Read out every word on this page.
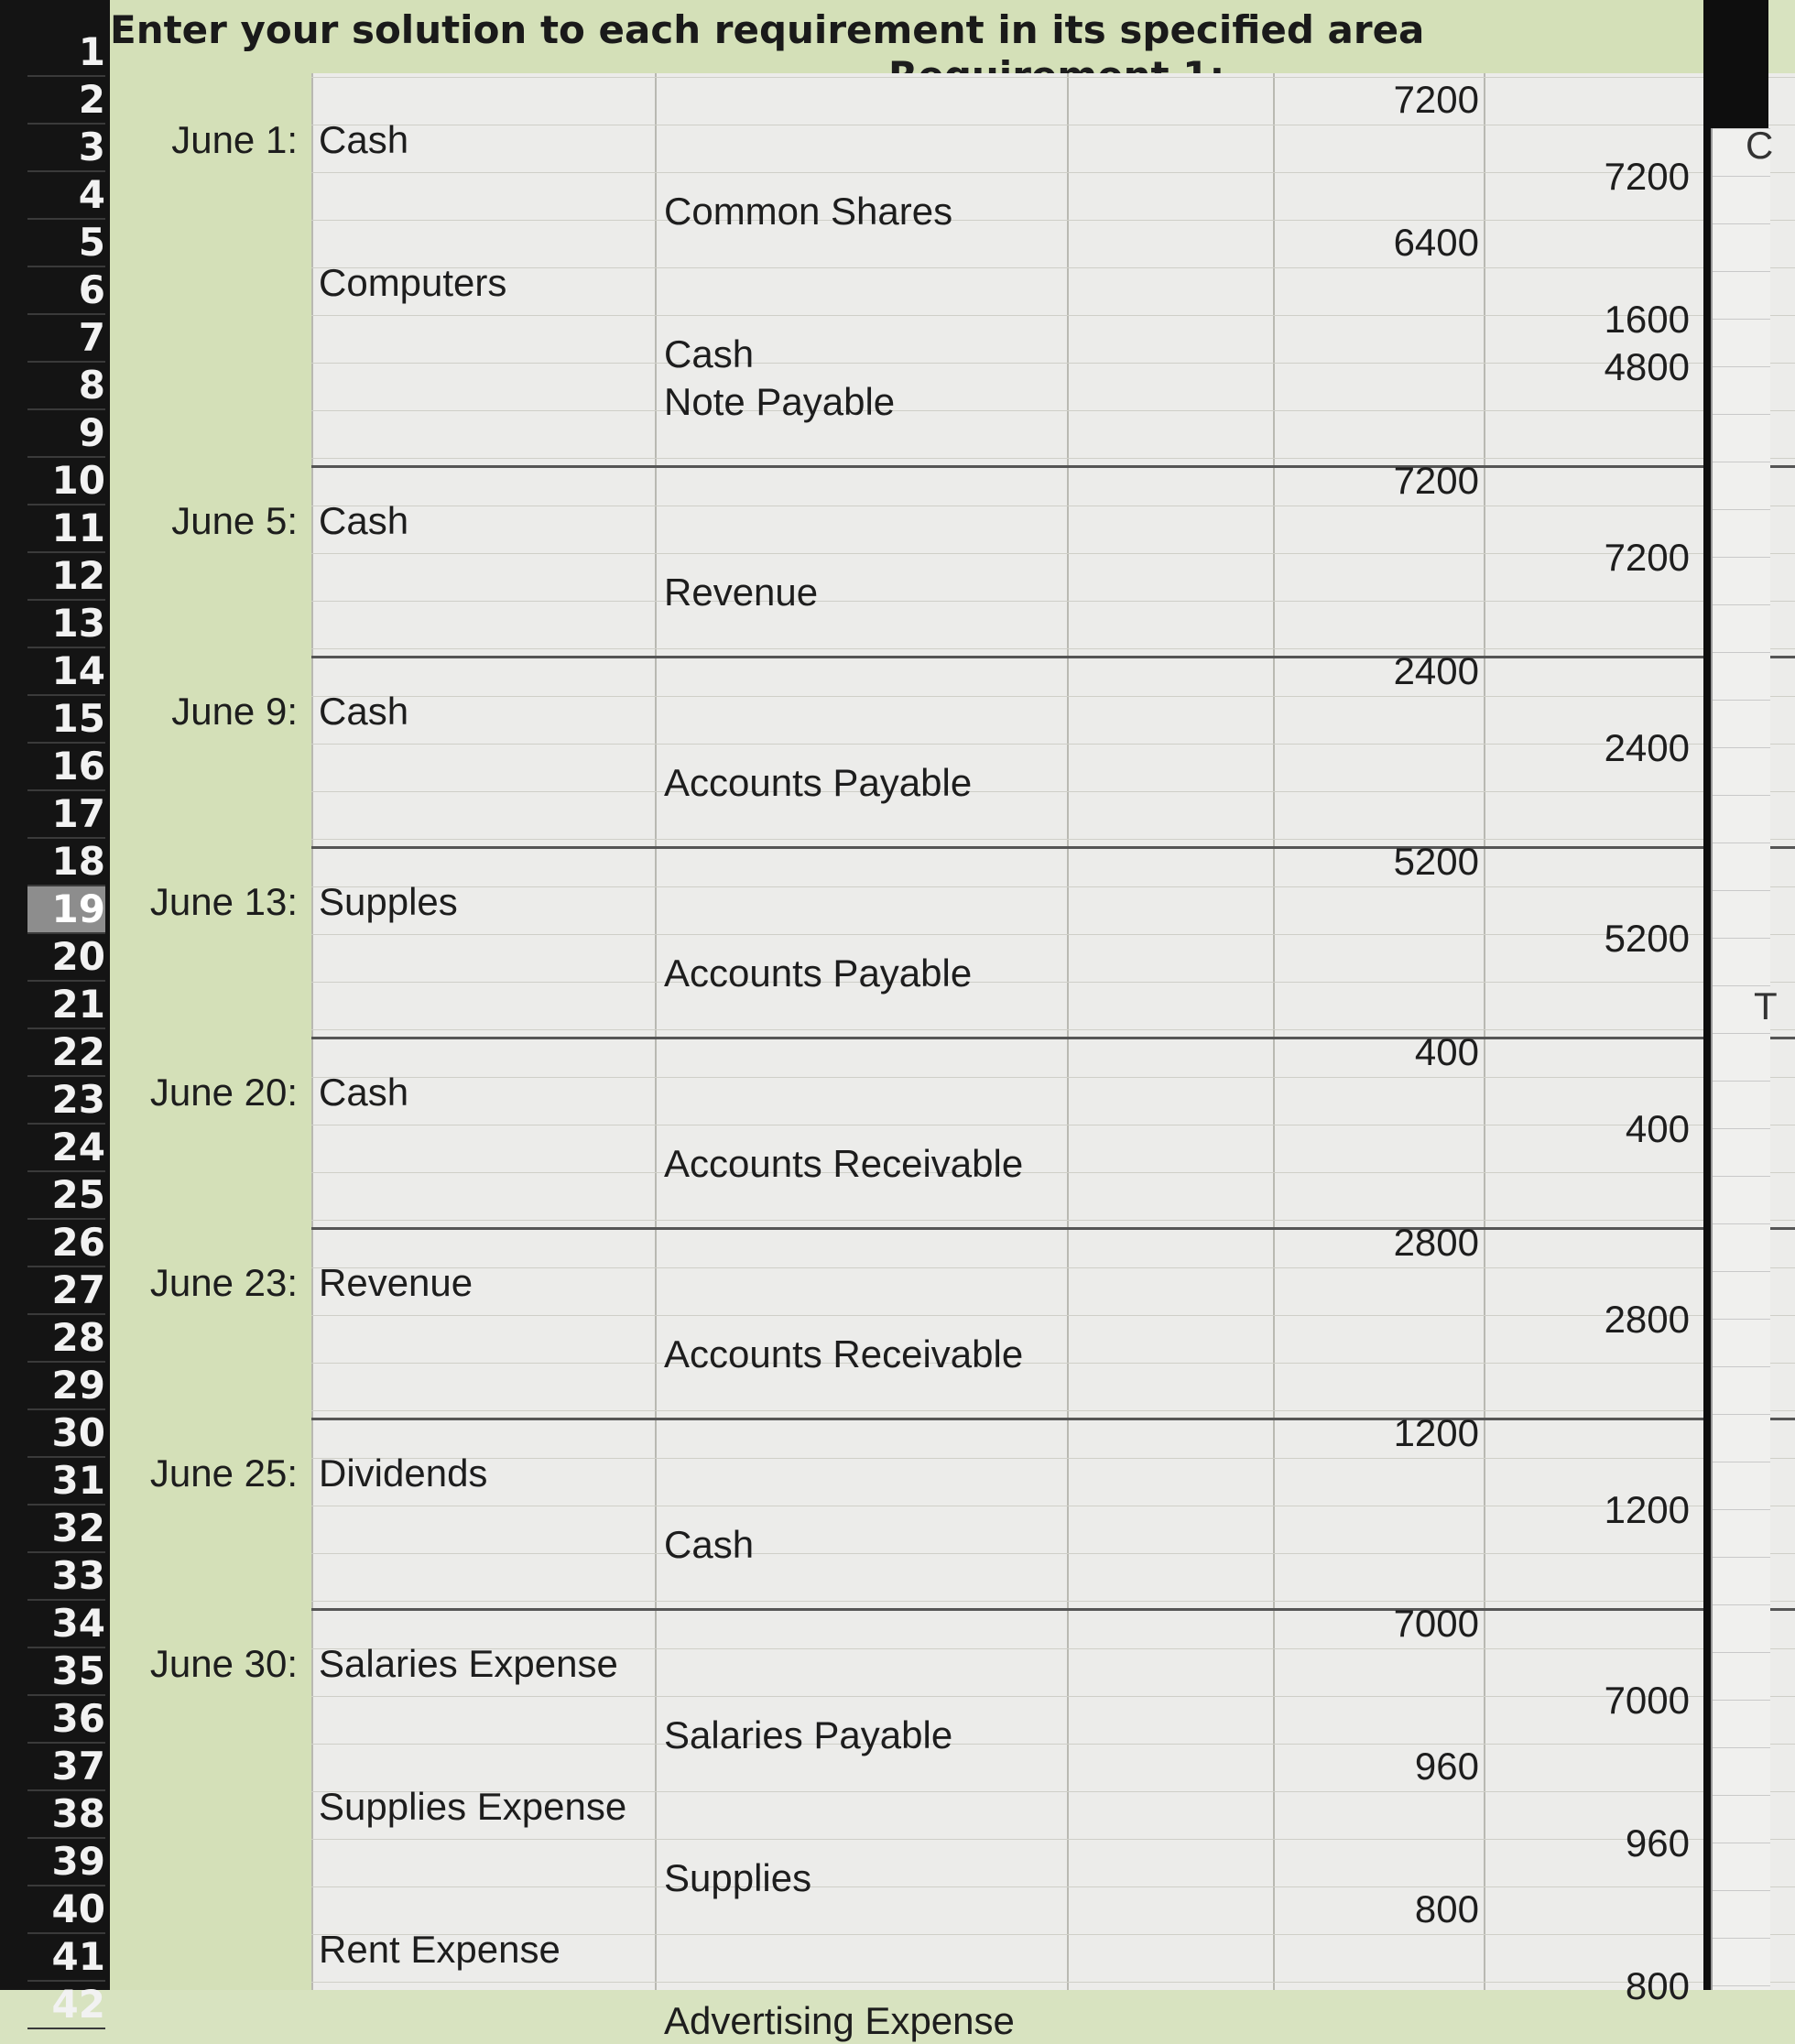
1
2
3
4
5
6
7
8
9
10
11
12
13
14
15
16
17
18
19
20
21
22
23
24
25
26
27
28
29
30
31
32
33
34
35
36
37
38
39
40
41
42
Enter your solution to each requirement in its specified area
June 1: Cash
7200
Common Shares
7200
Computers
6400
Cash
1600
Note Payable
4800
June 5: Cash
7200
Revenue
7200
June 9: Cash
2400
Accounts Payable
2400
June 13: Supples
5200
Accounts Payable
5200
June 20: Cash
400
Accounts Receivable
400
June 23: Revenue
2800
Accounts Receivable
2800
June 25: Dividends
1200
Cash
1200
June 30: Salaries Expense
7000
Salaries Payable
7000
Supplies Expense
960
Supplies
960
Rent Expense
800
Advertising Expense
800
C
T
